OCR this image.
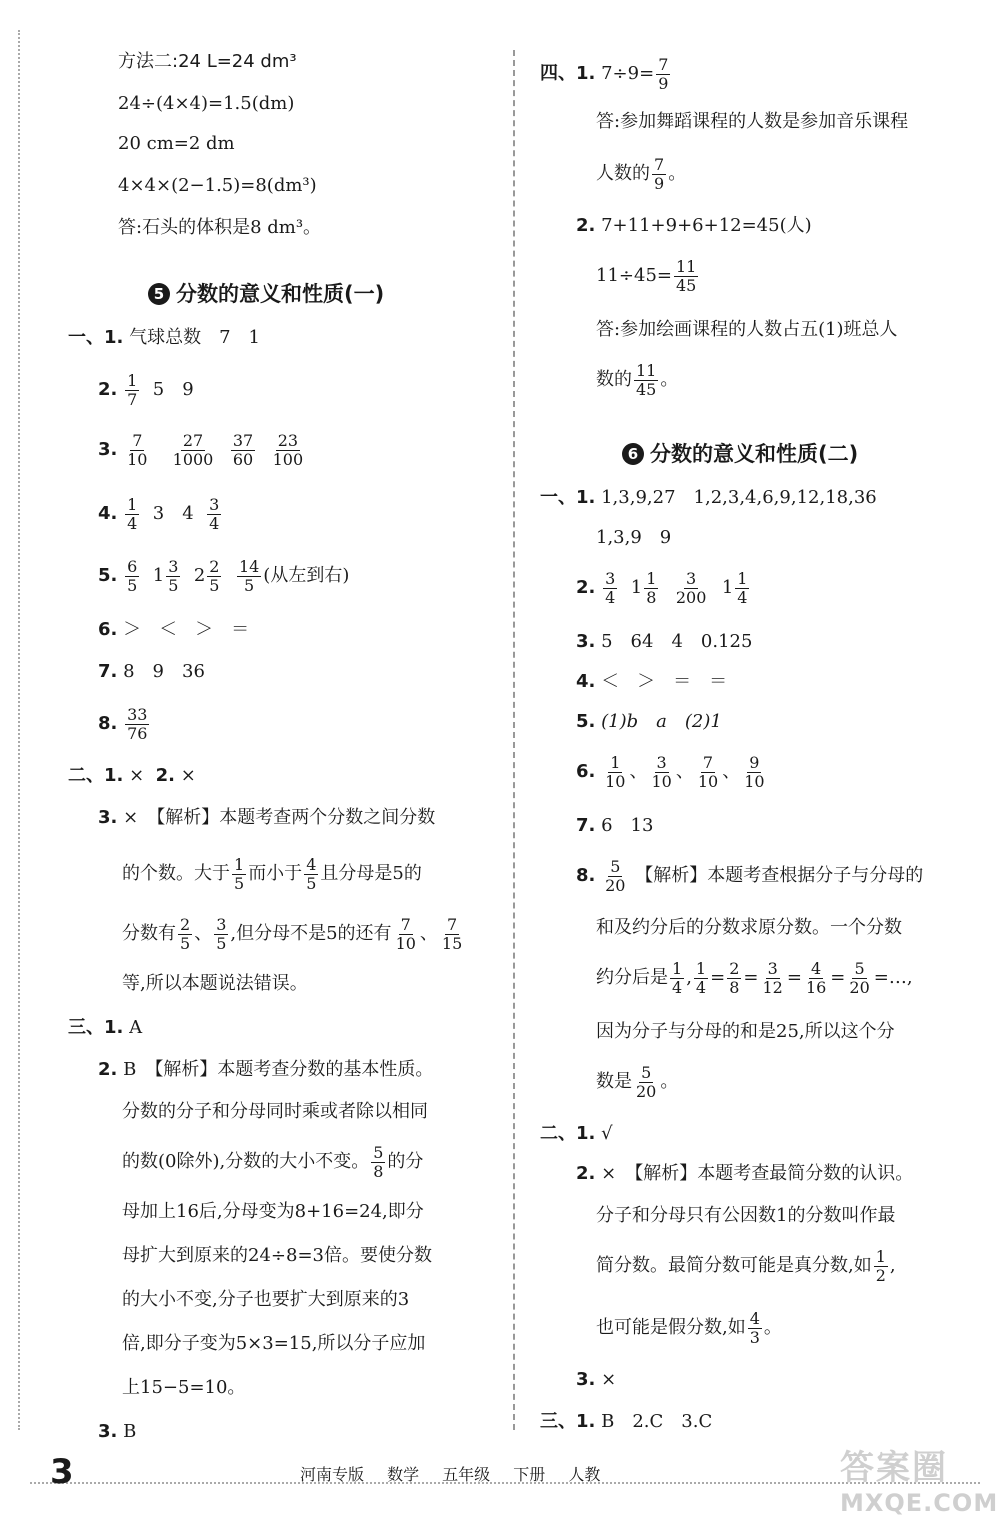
方法二:24 L=24 dm³
24÷(4×4)=1.5(dm)
20 cm=2 dm
4×4×(2−1.5)=8(dm³)
答:石头的体积是8 dm³。
5 分数的意义和性质(一)
一、1. 气球总数　7　1
2.
$\frac{1}{7}$
5　9
3.
$\frac{7}{10}$
$\frac{27}{1000}$
$\frac{37}{60}$
$\frac{23}{100}$
4.
$\frac{1}{4}$
3　4
$\frac{3}{4}$
5.
$\frac{6}{5}$
$1 \frac{3}{5}$
$2 \frac{2}{5}$
$\frac{14}{5}$ (从左到右)
6. ＞　＜　＞　＝
7. 8　9　36
8.
$\frac{33}{76}$
二、1. × 2. ×
3. ×　【解析】本题考查两个分数之间分数
的个数。大于 $\frac{1}{5}$ 而小于 $\frac{4}{5}$ 且分母是5的
分数有 $\frac{2}{5}$ 、 $\frac{3}{5}$ ,但分母不是5的还有 $\frac{7}{10}$ 、 $\frac{7}{15}$
等,所以本题说法错误。
三、1. A
2. B　【解析】本题考查分数的基本性质。
分数的分子和分母同时乘或者除以相同
的数(0除外),分数的大小不变。 $\frac{5}{8}$ 的分
母加上16后,分母变为8+16=24,即分
母扩大到原来的24÷8=3倍。要使分数
的大小不变,分子也要扩大到原来的3
倍,即分子变为5×3=15,所以分子应加
上15−5=10。
3. B
四、1.
$7\div 9= \frac{7}{9}$
答:参加舞蹈课程的人数是参加音乐课程
人数的 $\frac{7}{9}$ 。
2. 7+11+9+6+12=45(人)
$11\div 45= \frac{11}{45}$
答:参加绘画课程的人数占五(1)班总人
数的 $\frac{11}{45}$ 。
6 分数的意义和性质(二)
一、1. 1,3,9,27　1,2,3,4,6,9,12,18,36
1,3,9　9
2.
$\frac{3}{4}$
$1 \frac{1}{8}$
$\frac{3}{200}$
$1 \frac{1}{4}$
3. 5　64　4　0.125
4. ＜　＞　＝　＝
5. (1)b　a　(2)1
6.
$\frac{1}{10}$ 、 $\frac{3}{10}$ 、 $\frac{7}{10}$ 、 $\frac{9}{10}$
7. 6　13
8.
$\frac{5}{20}$
【解析】本题考查根据分子与分母的
和及约分后的分数求原分数。一个分数
约分后是 $\frac{1}{4}$ , $\frac{1}{4} = \frac{2}{8} = \frac{3}{12} = \frac{4}{16} = \frac{5}{20}$ =…,
因为分子与分母的和是25,所以这个分
数是 $\frac{5}{20}$ 。
二、1. √
2. ×　【解析】本题考查最简分数的认识。
分子和分母只有公因数1的分数叫作最
简分数。最简分数可能是真分数,如 $\frac{1}{2}$ ,
也可能是假分数,如 $\frac{4}{3}$ 。
3. ×
三、1. B　2.C　3.C
3	河南专版 数学 五年级 下册 人教	答案圈
MXQE.COM
